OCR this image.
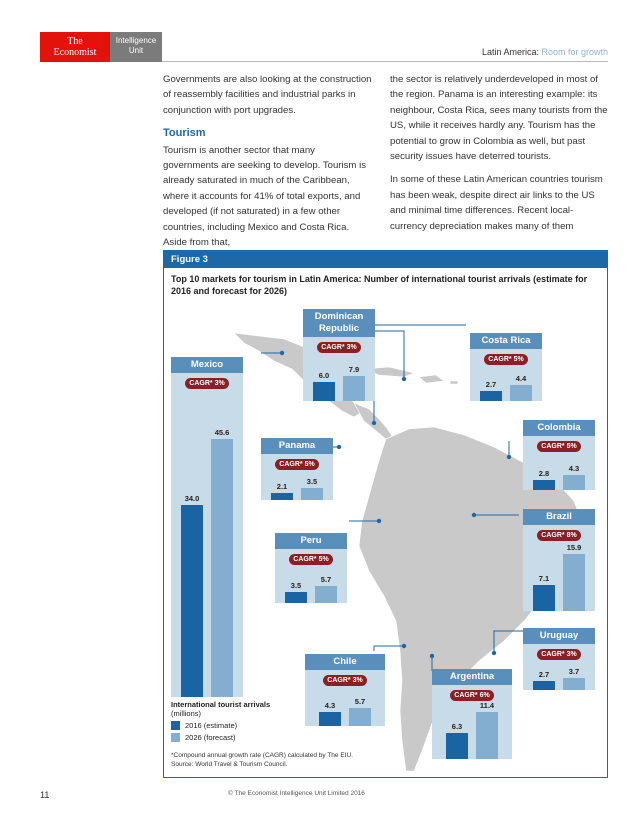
The
Economist
Intelligence
Unit	Latin America: Room for growth

Governments are also looking at the construction of reassembly facilities and industrial parks in conjunction with port upgrades.

Tourism

Tourism is another sector that many governments are seeking to develop. Tourism is already saturated in much of the Caribbean, where it accounts for 41% of total exports, and developed (if not saturated) in a few other countries, including Mexico and Costa Rica. Aside from that,

the sector is relatively underdeveloped in most of the region. Panama is an interesting example: its neighbour, Costa Rica, sees many tourists from the US, while it receives hardly any. Tourism has the potential to grow in Colombia as well, but past security issues have deterred tourists.

In some of these Latin American countries tourism has been weak, despite direct air links to the US and minimal time differences. Recent local-currency depreciation makes many of them

Figure 3
Top 10 markets for tourism in Latin America: Number of international tourist arrivals (estimate for 2016 and forecast for 2026)
International tourist arrivals
(millions)
2016 (estimate)
2026 (forecast)
*Compound annual growth rate (CAGR) calculated by The EIU.
Source: World Travel & Tourism Council.
Mexico
CAGR* 3%
34.0
45.6
Dominican Republic
CAGR* 3%
6.0
7.9
Costa Rica
CAGR* 5%
2.7
4.4
Panama
CAGR* 5%
2.1
3.5
Colombia
CAGR* 5%
2.8
4.3
Peru
CAGR* 5%
3.5
5.7
Brazil
CAGR* 8%
7.1
15.9
Uruguay
CAGR* 3%
2.7	3.7
Chile
CAGR* 3%
4.3	5.7
Argentina
CAGR* 6%
6.3
11.4
11	© The Economist Intelligence Unit Limited 2016
